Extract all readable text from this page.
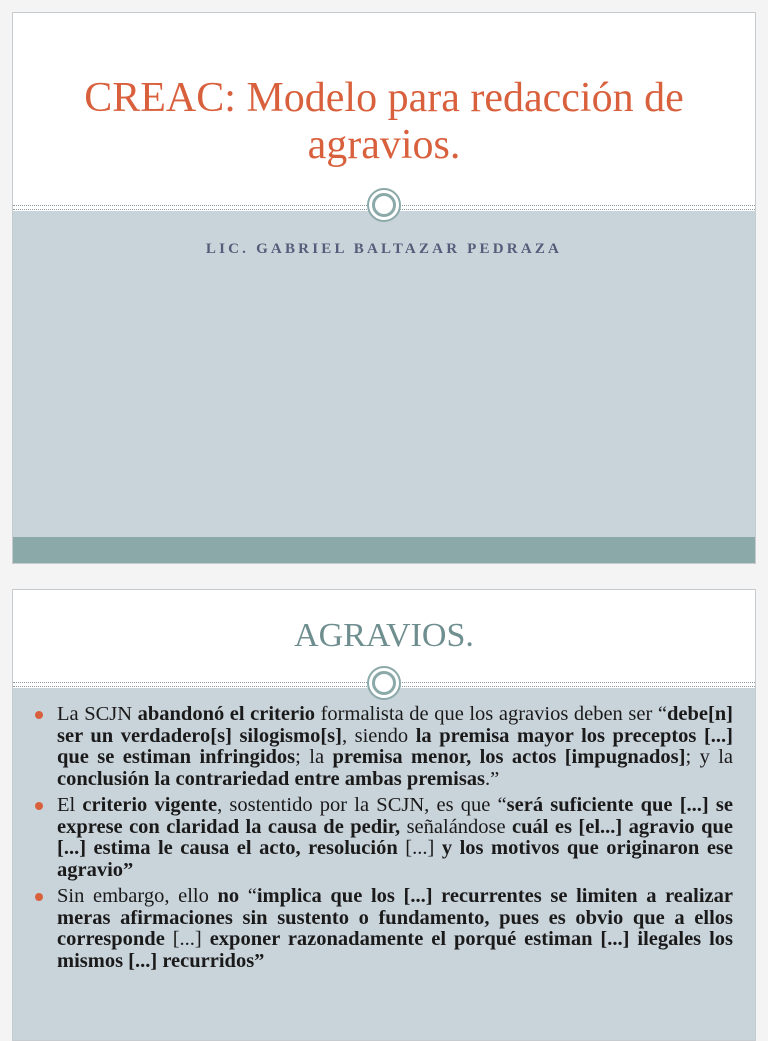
CREAC: Modelo para redacción de agravios.
LIC. GABRIEL BALTAZAR PEDRAZA
AGRAVIOS.
La SCJN abandonó el criterio formalista de que los agravios deben ser “debe[n] ser un verdadero[s] silogismo[s], siendo la premisa mayor los preceptos [...] que se estiman infringidos; la premisa menor, los actos [impugnados]; y la conclusión la contrariedad entre ambas premisas.”
El criterio vigente, sostentido por la SCJN, es que “será suficiente que [...] se exprese con claridad la causa de pedir, señalándose cuál es [el...] agravio que [...] estima le causa el acto, resolución [...] y los motivos que originaron ese agravio”
Sin embargo, ello no “implica que los [...] recurrentes se limiten a realizar meras afirmaciones sin sustento o fundamento, pues es obvio que a ellos corresponde [...] exponer razonadamente el porqué estiman [...] ilegales los mismos [...] recurridos”
